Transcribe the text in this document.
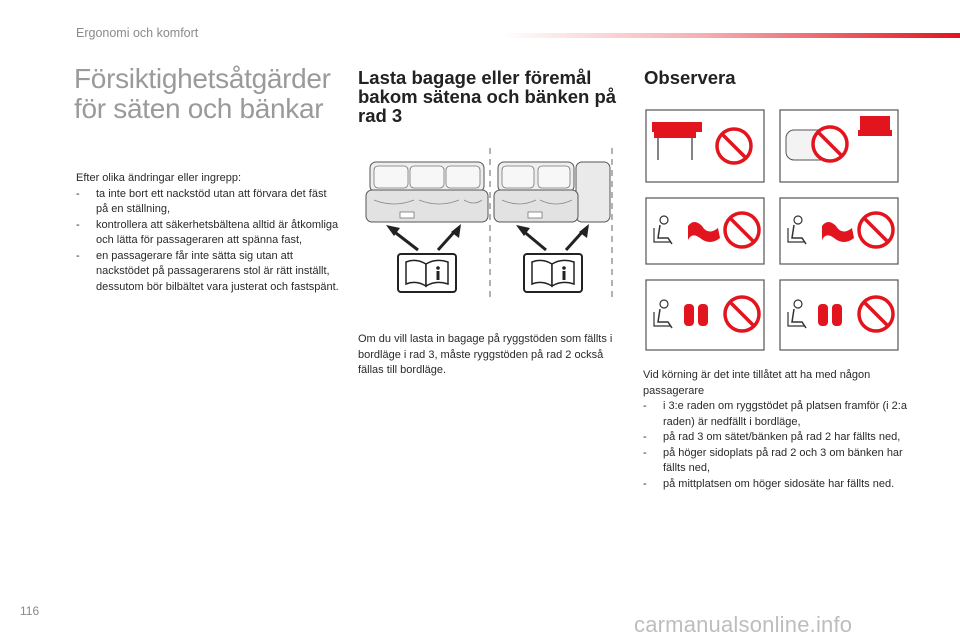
Ergonomi och komfort
Försiktighetsåtgärder för säten och bänkar
Efter olika ändringar eller ingrepp:
- ta inte bort ett nackstöd utan att förvara det fäst på en ställning,
- kontrollera att säkerhetsbältena alltid är åtkomliga och lätta för passageraren att spänna fast,
- en passagerare får inte sätta sig utan att nackstödet på passagerarens stol är rätt inställt, dessutom bör bilbältet vara justerat och fastspänt.
Lasta bagage eller föremål bakom sätena och bänken på rad 3
Om du vill lasta in bagage på ryggstöden som fällts i bordläge i rad 3, måste ryggstöden på rad 2 också fällas till bordläge.
Observera
Vid körning är det inte tillåtet att ha med någon passagerare
- i 3:e raden om ryggstödet på platsen framför (i 2:a raden) är nedfällt i bordläge,
- på rad 3 om sätet/bänken på rad 2 har fällts ned,
- på höger sidoplats på rad 2 och 3 om bänken har fällts ned,
- på mittplatsen om höger sidosäte har fällts ned.
116
carmanualsonline.info
